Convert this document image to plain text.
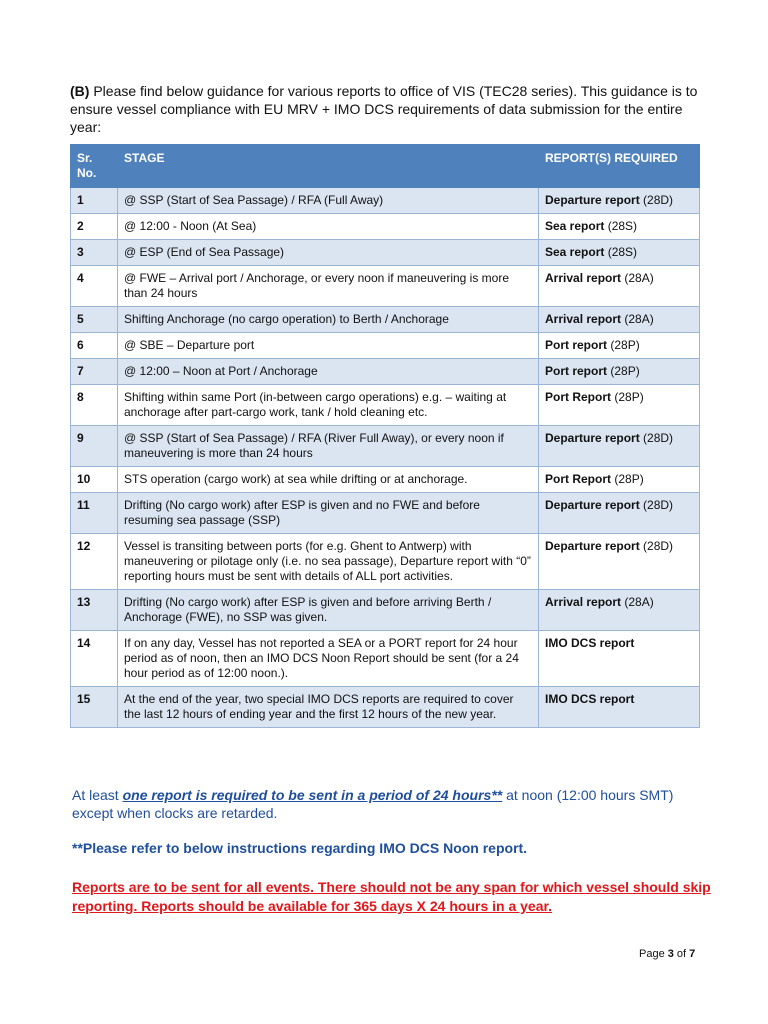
(B) Please find below guidance for various reports to office of VIS (TEC28 series). This guidance is to ensure vessel compliance with EU MRV + IMO DCS requirements of data submission for the entire year:
Sr. No.	STAGE	REPORT(S) REQUIRED
1	@ SSP (Start of Sea Passage) / RFA (Full Away)	Departure report (28D)
2	@ 12:00 - Noon (At Sea)	Sea report (28S)
3	@ ESP (End of Sea Passage)	Sea report (28S)
4	@ FWE – Arrival port / Anchorage, or every noon if maneuvering is more than 24 hours	Arrival report (28A)
5	Shifting Anchorage (no cargo operation) to Berth / Anchorage	Arrival report (28A)
6	@ SBE – Departure port	Port report (28P)
7	@ 12:00 – Noon at Port / Anchorage	Port report (28P)
8	Shifting within same Port (in-between cargo operations) e.g. – waiting at anchorage after part-cargo work, tank / hold cleaning etc.	Port Report (28P)
9	@ SSP (Start of Sea Passage) / RFA (River Full Away), or every noon if maneuvering is more than 24 hours	Departure report (28D)
10	STS operation (cargo work) at sea while drifting or at anchorage.	Port Report (28P)
11	Drifting (No cargo work) after ESP is given and no FWE and before resuming sea passage (SSP)	Departure report (28D)
12	Vessel is transiting between ports (for e.g. Ghent to Antwerp) with maneuvering or pilotage only (i.e. no sea passage), Departure report with “0” reporting hours must be sent with details of ALL port activities.	Departure report (28D)
13	Drifting (No cargo work) after ESP is given and before arriving Berth / Anchorage (FWE), no SSP was given.	Arrival report (28A)
14	If on any day, Vessel has not reported a SEA or a PORT report for 24 hour period as of noon, then an IMO DCS Noon Report should be sent (for a 24 hour period as of 12:00 noon.).	IMO DCS report
15	At the end of the year, two special IMO DCS reports are required to cover the last 12 hours of ending year and the first 12 hours of the new year.	IMO DCS report
At least one report is required to be sent in a period of 24 hours** at noon (12:00 hours SMT) except when clocks are retarded.
**Please refer to below instructions regarding IMO DCS Noon report.
Reports are to be sent for all events. There should not be any span for which vessel should skip reporting. Reports should be available for 365 days X 24 hours in a year.
Page 3 of 7
